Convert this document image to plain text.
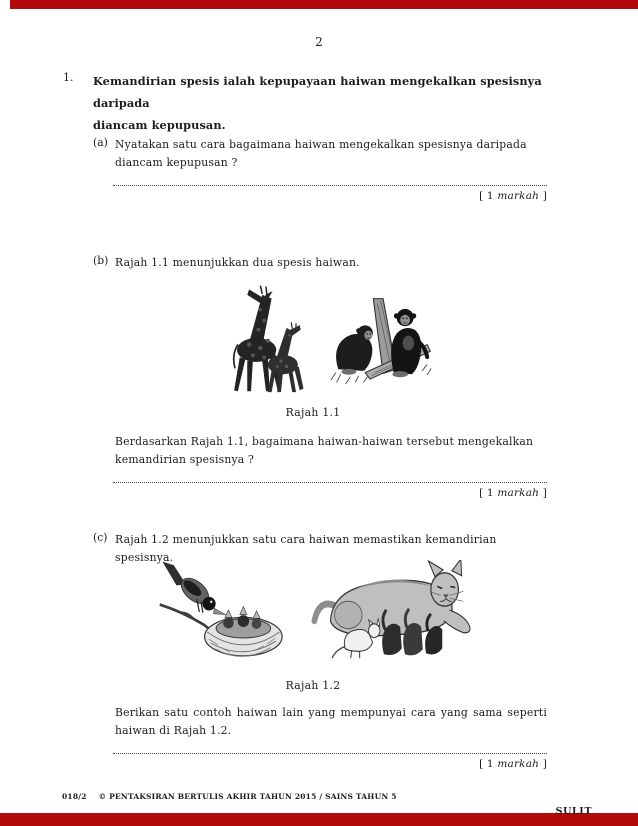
2
1. Kemandirian spesis ialah kepupayaan haiwan mengekalkan spesisnya daripada
diancam kepupusan.
(a) Nyatakan satu cara bagaimana haiwan mengekalkan spesisnya daripada
diancam kepupusan ?
[ 1 markah ]
(b) Rajah 1.1 menunjukkan dua spesis haiwan.
Rajah 1.1
Berdasarkan Rajah 1.1, bagaimana haiwan-haiwan tersebut mengekalkan
kemandirian spesisnya ?
[ 1 markah ]
(c) Rajah 1.2 menunjukkan satu cara haiwan memastikan kemandirian spesisnya.
Rajah 1.2
Berikan satu contoh haiwan lain yang mempunyai cara yang sama seperti
haiwan di Rajah 1.2.
[ 1 markah ]
018/2 © PENTAKSIRAN BERTULIS AKHIR TAHUN 2015 / SAINS TAHUN 5
SULIT
